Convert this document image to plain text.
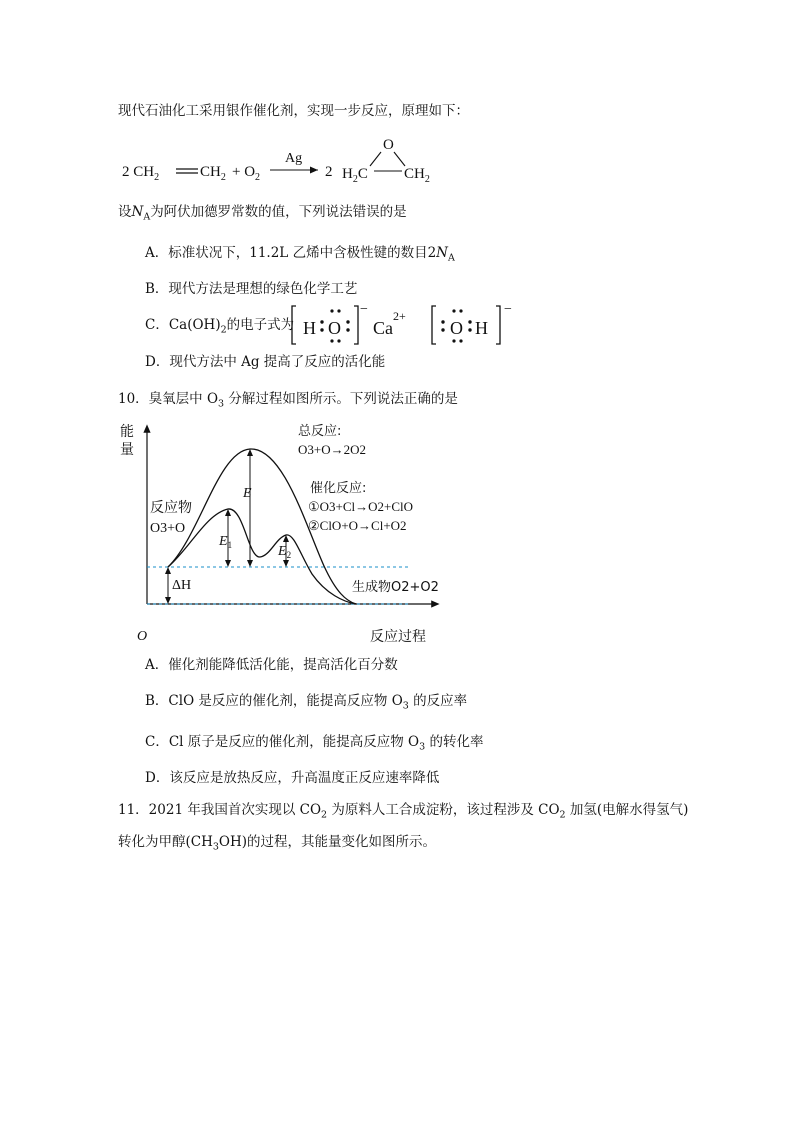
现代石油化工采用银作催化剂，实现一步反应，原理如下：
2 $CH_2$	$CH_2 + O_2$
Ag
2
O
$H_2C$ $CH_2$
设$N_A$为阿伏加德罗常数的值，下列说法错误的是
A．标准状况下，11.2L 乙烯中含极性键的数目$2N_A$
B．现代方法是理想的绿色化学工艺
C．$Ca(OH)_2$的电子式为 H O
−
$Ca^{2+}$
O H
−
D．现代方法中 Ag 提高了反应的活化能
10．臭氧层中 $O_3$ 分解过程如图所示。下列说法正确的是
能
量
O	反应过程
E
$E_1$	$E_2$
ΔH
反应物
O3+O
总反应:
O3+O→2O2
催化反应:
①O3+Cl→O2+ClO
②ClO+O→Cl+O2
生成物O2+O2
A．催化剂能降低活化能，提高活化百分数
B．ClO 是反应的催化剂，能提高反应物 $O_3$ 的反应率
C．Cl 原子是反应的催化剂，能提高反应物 $O_3$ 的转化率
D．该反应是放热反应，升高温度正反应速率降低
11．2021 年我国首次实现以 $CO_2$ 为原料人工合成淀粉，该过程涉及 $CO_2$ 加氢(电解水得氢气)
转化为甲醇$(CH_3OH)$的过程，其能量变化如图所示。
